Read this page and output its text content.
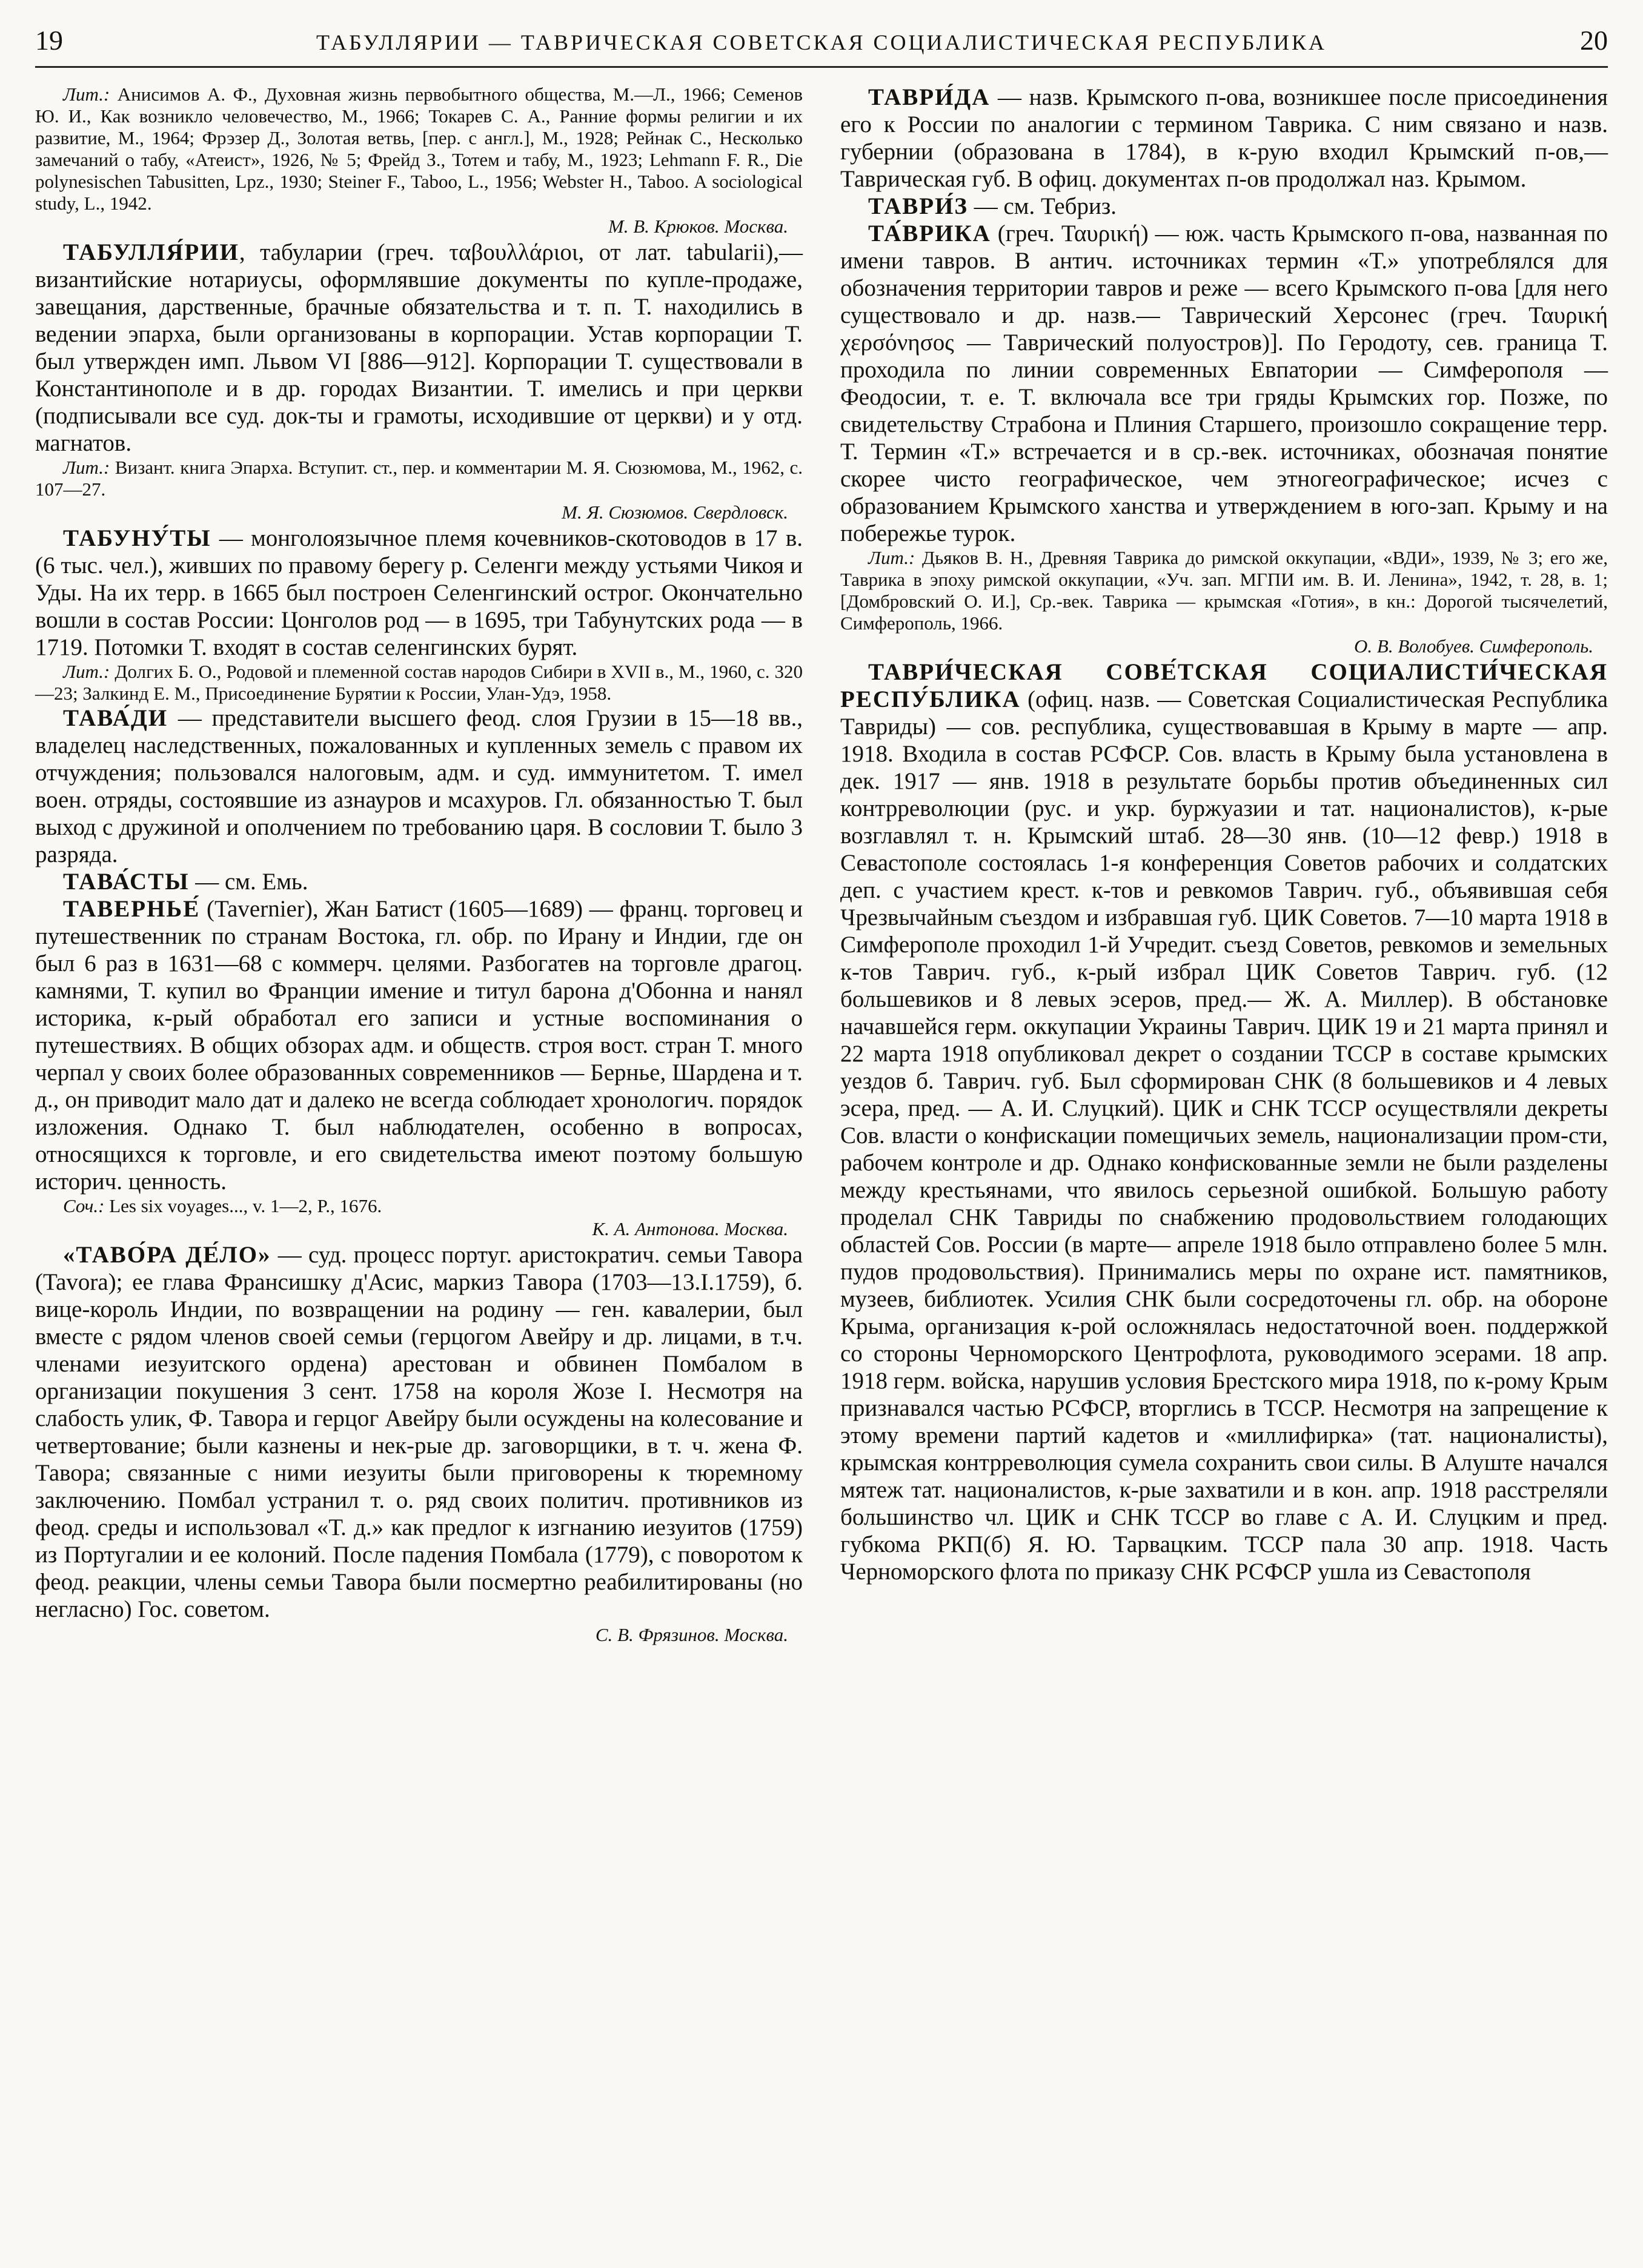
19	ТАБУЛЛЯРИИ — ТАВРИЧЕСКАЯ СОВЕТСКАЯ СОЦИАЛИСТИЧЕСКАЯ РЕСПУБЛИКА	20

Лит.: Анисимов А. Ф., Духовная жизнь первобытного общества, М.—Л., 1966; Семенов Ю. И., Как возникло человечество, М., 1966; Токарев С. А., Ранние формы религии и их развитие, М., 1964; Фрэзер Д., Золотая ветвь, [пер. с англ.], М., 1928; Рейнак С., Несколько замечаний о табу, «Атеист», 1926, № 5; Фрейд З., Тотем и табу, М., 1923; Lehmann F. R., Die polynesischen Tabusitten, Lpz., 1930; Steiner F., Taboo, L., 1956; Webster H., Taboo. A sociological study, L., 1942.

М. В. Крюков. Москва.

ТАБУЛЛЯ́РИИ, табуларии (греч. ταβουλλάριοι, от лат. tabularii),— византийские нотариусы, оформлявшие документы по купле-продаже, завещания, дарственные, брачные обязательства и т. п. Т. находились в ведении эпарха, были организованы в корпорации. Устав корпорации Т. был утвержден имп. Львом VI [886—912]. Корпорации Т. существовали в Константинополе и в др. городах Византии. Т. имелись и при церкви (подписывали все суд. док-ты и грамоты, исходившие от церкви) и у отд. магнатов.

Лит.: Визант. книга Эпарха. Вступит. ст., пер. и комментарии М. Я. Сюзюмова, М., 1962, с. 107—27.

М. Я. Сюзюмов. Свердловск.

ТАБУНУ́ТЫ — монголоязычное племя кочевников-скотоводов в 17 в. (6 тыс. чел.), живших по правому берегу р. Селенги между устьями Чикоя и Уды. На их терр. в 1665 был построен Селенгинский острог. Окончательно вошли в состав России: Цонголов род — в 1695, три Табунутских рода — в 1719. Потомки Т. входят в состав селенгинских бурят.

Лит.: Долгих Б. О., Родовой и племенной состав народов Сибири в XVII в., М., 1960, с. 320—23; Залкинд Е. М., Присоединение Бурятии к России, Улан-Удэ, 1958.

ТАВА́ДИ — представители высшего феод. слоя Грузии в 15—18 вв., владелец наследственных, пожалованных и купленных земель с правом их отчуждения; пользовался налоговым, адм. и суд. иммунитетом. Т. имел воен. отряды, состоявшие из азнауров и мсахуров. Гл. обязанностью Т. был выход с дружиной и ополчением по требованию царя. В сословии Т. было 3 разряда.

ТАВА́СТЫ — см. Емь.

ТАВЕРНЬЕ́ (Tavernier), Жан Батист (1605—1689) — франц. торговец и путешественник по странам Востока, гл. обр. по Ирану и Индии, где он был 6 раз в 1631—68 с коммерч. целями. Разбогатев на торговле драгоц. камнями, Т. купил во Франции имение и титул барона д'Обонна и нанял историка, к-рый обработал его записи и устные воспоминания о путешествиях. В общих обзорах адм. и обществ. строя вост. стран Т. много черпал у своих более образованных современников — Бернье, Шардена и т. д., он приводит мало дат и далеко не всегда соблюдает хронологич. порядок изложения. Однако Т. был наблюдателен, особенно в вопросах, относящихся к торговле, и его свидетельства имеют поэтому большую историч. ценность.

Соч.: Les six voyages..., v. 1—2, P., 1676.

К. А. Антонова. Москва.

«ТАВО́РА ДЕ́ЛО» — суд. процесс португ. аристократич. семьи Тавора (Tavora); ее глава Франсишку д'Асис, маркиз Тавора (1703—13.I.1759), б. вице-король Индии, по возвращении на родину — ген. кавалерии, был вместе с рядом членов своей семьи (герцогом Авейру и др. лицами, в т.ч. членами иезуитского ордена) арестован и обвинен Помбалом в организации покушения 3 сент. 1758 на короля Жозе I. Несмотря на слабость улик, Ф. Тавора и герцог Авейру были осуждены на колесование и четвертование; были казнены и нек-рые др. заговорщики, в т. ч. жена Ф. Тавора; связанные с ними иезуиты были приговорены к тюремному заключению. Помбал устранил т. о. ряд своих политич. противников из феод. среды и использовал «Т. д.» как предлог к изгнанию иезуитов (1759) из Португалии и ее колоний. После падения Помбала (1779), с поворотом к феод. реакции, члены семьи Тавора были посмертно реабилитированы (но негласно) Гос. советом.

С. В. Фрязинов. Москва.

ТАВРИ́ДА — назв. Крымского п-ова, возникшее после присоединения его к России по аналогии с термином Таврика. С ним связано и назв. губернии (образована в 1784), в к-рую входил Крымский п-ов,— Таврическая губ. В офиц. документах п-ов продолжал наз. Крымом.

ТАВРИ́З — см. Тебриз.

ТА́ВРИКА (греч. Ταυρική) — юж. часть Крымского п-ова, названная по имени тавров. В антич. источниках термин «Т.» употреблялся для обозначения территории тавров и реже — всего Крымского п-ова [для него существовало и др. назв.— Таврический Херсонес (греч. Ταυρική χερσόνησος — Таврический полуостров)]. По Геродоту, сев. граница Т. проходила по линии современных Евпатории — Симферополя — Феодосии, т. е. Т. включала все три гряды Крымских гор. Позже, по свидетельству Страбона и Плиния Старшего, произошло сокращение терр. Т. Термин «Т.» встречается и в ср.-век. источниках, обозначая понятие скорее чисто географическое, чем этногеографическое; исчез с образованием Крымского ханства и утверждением в юго-зап. Крыму и на побережье турок.

Лит.: Дьяков В. Н., Древняя Таврика до римской оккупации, «ВДИ», 1939, № 3; его же, Таврика в эпоху римской оккупации, «Уч. зап. МГПИ им. В. И. Ленина», 1942, т. 28, в. 1; [Домбровский О. И.], Ср.-век. Таврика — крымская «Готия», в кн.: Дорогой тысячелетий, Симферополь, 1966.

О. В. Волобуев. Симферополь.

ТАВРИ́ЧЕСКАЯ СОВЕ́ТСКАЯ СОЦИАЛИСТИ́ЧЕСКАЯ РЕСПУ́БЛИКА (офиц. назв. — Советская Социалистическая Республика Тавриды) — сов. республика, существовавшая в Крыму в марте — апр. 1918. Входила в состав РСФСР. Сов. власть в Крыму была установлена в дек. 1917 — янв. 1918 в результате борьбы против объединенных сил контрреволюции (рус. и укр. буржуазии и тат. националистов), к-рые возглавлял т. н. Крымский штаб. 28—30 янв. (10—12 февр.) 1918 в Севастополе состоялась 1-я конференция Советов рабочих и солдатских деп. с участием крест. к-тов и ревкомов Таврич. губ., объявившая себя Чрезвычайным съездом и избравшая губ. ЦИК Советов. 7—10 марта 1918 в Симферополе проходил 1-й Учредит. съезд Советов, ревкомов и земельных к-тов Таврич. губ., к-рый избрал ЦИК Советов Таврич. губ. (12 большевиков и 8 левых эсеров, пред.— Ж. А. Миллер). В обстановке начавшейся герм. оккупации Украины Таврич. ЦИК 19 и 21 марта принял и 22 марта 1918 опубликовал декрет о создании ТССР в составе крымских уездов б. Таврич. губ. Был сформирован СНК (8 большевиков и 4 левых эсера, пред. — А. И. Слуцкий). ЦИК и СНК ТССР осуществляли декреты Сов. власти о конфискации помещичьих земель, национализации пром-сти, рабочем контроле и др. Однако конфискованные земли не были разделены между крестьянами, что явилось серьезной ошибкой. Большую работу проделал СНК Тавриды по снабжению продовольствием голодающих областей Сов. России (в марте— апреле 1918 было отправлено более 5 млн. пудов продовольствия). Принимались меры по охране ист. памятников, музеев, библиотек. Усилия СНК были сосредоточены гл. обр. на обороне Крыма, организация к-рой осложнялась недостаточной воен. поддержкой со стороны Черноморского Центрофлота, руководимого эсерами. 18 апр. 1918 герм. войска, нарушив условия Брестского мира 1918, по к-рому Крым признавался частью РСФСР, вторглись в ТССР. Несмотря на запрещение к этому времени партий кадетов и «миллифирка» (тат. националисты), крымская контрреволюция сумела сохранить свои силы. В Алуште начался мятеж тат. националистов, к-рые захватили и в кон. апр. 1918 расстреляли большинство чл. ЦИК и СНК ТССР во главе с А. И. Слуцким и пред. губкома РКП(б) Я. Ю. Тарвацким. ТССР пала 30 апр. 1918. Часть Черноморского флота по приказу СНК РСФСР ушла из Севастополя
